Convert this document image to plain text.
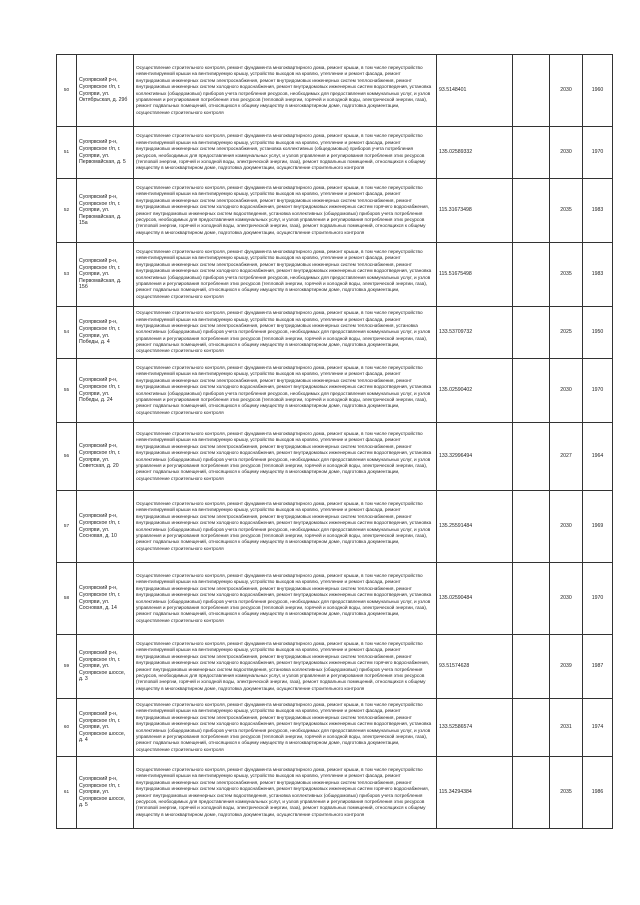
50	Суоярвский р-н, Суоярвское г/п, г. Суоярви, ул. Октябрьская, д. 29б	Осуществление строительного контроля, ремонт фундамента многоквартирного дома, ремонт крыши, в том числе переустройство невентилируемой крыши на вентилируемую крышу, устройство выходов на кровлю, утепление и ремонт фасада, ремонт внутридомовых инженерных систем электроснабжения, ремонт внутридомовых инженерных систем теплоснабжения, ремонт внутридомовых инженерных систем холодного водоснабжения, ремонт внутридомовых инженерных систем водоотведения, установка коллективных (общедомовых) приборов учета потребления ресурсов, необходимых для предоставления коммунальных услуг, и узлов управления и регулирования потребления этих ресурсов (тепловой энергии, горячей и холодной воды, электрической энергии, газа), ремонт подвальных помещений, относящихся к общему имуществу в многоквартирном доме, подготовка документации, осуществление строительного контроля	93.5148401		2030	1960
51	Суоярвский р-н, Суоярвское г/п, г. Суоярви, ул. Первомайская, д. 5	Осуществление строительного контроля, ремонт фундамента многоквартирного дома, ремонт крыши, в том числе переустройство невентилируемой крыши на вентилируемую крышу, устройство выходов на кровлю, утепление и ремонт фасада, ремонт внутридомовых инженерных систем электроснабжения, установка коллективных (общедомовых) приборов учета потребления ресурсов, необходимых для предоставления коммунальных услуг, и узлов управления и регулирования потребления этих ресурсов (тепловой энергии, горячей и холодной воды, электрической энергии, газа), ремонт подвальных помещений, относящихся к общему имуществу в многоквартирном доме, подготовка документации, осуществление строительного контроля	135.02589332		2030	1970
52	Суоярвский р-н, Суоярвское г/п, г. Суоярви, ул. Первомайская, д. 15а	Осуществление строительного контроля, ремонт фундамента многоквартирного дома, ремонт крыши, в том числе переустройство невентилируемой крыши на вентилируемую крышу, устройство выходов на кровлю, утепление и ремонт фасада, ремонт внутридомовых инженерных систем электроснабжения, ремонт внутридомовых инженерных систем теплоснабжения, ремонт внутридомовых инженерных систем холодного водоснабжения, ремонт внутридомовых инженерных систем горячего водоснабжения, ремонт внутридомовых инженерных систем водоотведения, установка коллективных (общедомовых) приборов учета потребления ресурсов, необходимых для предоставления коммунальных услуг, и узлов управления и регулирования потребления этих ресурсов (тепловой энергии, горячей и холодной воды, электрической энергии, газа), ремонт подвальных помещений, относящихся к общему имуществу в многоквартирном доме, подготовка документации, осуществление строительного контроля	115.31673498		2035	1983
53	Суоярвский р-н, Суоярвское г/п, г. Суоярви, ул. Первомайская, д. 15б	Осуществление строительного контроля, ремонт фундамента многоквартирного дома, ремонт крыши, в том числе переустройство невентилируемой крыши на вентилируемую крышу, устройство выходов на кровлю, утепление и ремонт фасада, ремонт внутридомовых инженерных систем электроснабжения, ремонт внутридомовых инженерных систем теплоснабжения, ремонт внутридомовых инженерных систем холодного водоснабжения, ремонт внутридомовых инженерных систем водоотведения, установка коллективных (общедомовых) приборов учета потребления ресурсов, необходимых для предоставления коммунальных услуг, и узлов управления и регулирования потребления этих ресурсов (тепловой энергии, горячей и холодной воды, электрической энергии, газа), ремонт подвальных помещений, относящихся к общему имуществу в многоквартирном доме, подготовка документации, осуществление строительного контроля	115.51675498		2035	1983
54	Суоярвский р-н, Суоярвское г/п, г. Суоярви, ул. Победы, д. 4	Осуществление строительного контроля, ремонт фундамента многоквартирного дома, ремонт крыши, в том числе переустройство невентилируемой крыши на вентилируемую крышу, устройство выходов на кровлю, утепление и ремонт фасада, ремонт внутридомовых инженерных систем электроснабжения, ремонт внутридомовых инженерных систем теплоснабжения, установка коллективных (общедомовых) приборов учета потребления ресурсов, необходимых для предоставления коммунальных услуг, и узлов управления и регулирования потребления этих ресурсов (тепловой энергии, горячей и холодной воды, электрической энергии, газа), ремонт подвальных помещений, относящихся к общему имуществу в многоквартирном доме, подготовка документации, осуществление строительного контроля	133.53709732		2025	1950
55	Суоярвский р-н, Суоярвское г/п, г. Суоярви, ул. Победы, д. 24	Осуществление строительного контроля, ремонт фундамента многоквартирного дома, ремонт крыши, в том числе переустройство невентилируемой крыши на вентилируемую крышу, устройство выходов на кровлю, утепление и ремонт фасада, ремонт внутридомовых инженерных систем электроснабжения, ремонт внутридомовых инженерных систем теплоснабжения, ремонт внутридомовых инженерных систем холодного водоснабжения, ремонт внутридомовых инженерных систем водоотведения, установка коллективных (общедомовых) приборов учета потребления ресурсов, необходимых для предоставления коммунальных услуг, и узлов управления и регулирования потребления этих ресурсов (тепловой энергии, горячей и холодной воды, электрической энергии, газа), ремонт подвальных помещений, относящихся к общему имуществу в многоквартирном доме, подготовка документации, осуществление строительного контроля	135.02590402		2030	1970
56	Суоярвский р-н, Суоярвское г/п, г. Суоярви, ул. Советская, д. 20	Осуществление строительного контроля, ремонт фундамента многоквартирного дома, ремонт крыши, в том числе переустройство невентилируемой крыши на вентилируемую крышу, устройство выходов на кровлю, утепление и ремонт фасада, ремонт внутридомовых инженерных систем электроснабжения, ремонт внутридомовых инженерных систем теплоснабжения, ремонт внутридомовых инженерных систем холодного водоснабжения, ремонт внутридомовых инженерных систем водоотведения, установка коллективных (общедомовых) приборов учета потребления ресурсов, необходимых для предоставления коммунальных услуг, и узлов управления и регулирования потребления этих ресурсов (тепловой энергии, горячей и холодной воды, электрической энергии, газа), ремонт подвальных помещений, относящихся к общему имуществу в многоквартирном доме, подготовка документации, осуществление строительного контроля	133.32996494		2027	1964
57	Суоярвский р-н, Суоярвское г/п, г. Суоярви, ул. Сосновая, д. 10	Осуществление строительного контроля, ремонт фундамента многоквартирного дома, ремонт крыши, в том числе переустройство невентилируемой крыши на вентилируемую крышу, устройство выходов на кровлю, утепление и ремонт фасада, ремонт внутридомовых инженерных систем электроснабжения, ремонт внутридомовых инженерных систем теплоснабжения, ремонт внутридомовых инженерных систем холодного водоснабжения, ремонт внутридомовых инженерных систем водоотведения, установка коллективных (общедомовых) приборов учета потребления ресурсов, необходимых для предоставления коммунальных услуг, и узлов управления и регулирования потребления этих ресурсов (тепловой энергии, горячей и холодной воды, электрической энергии, газа), ремонт подвальных помещений, относящихся к общему имуществу в многоквартирном доме, подготовка документации, осуществление строительного контроля	135.25591484		2030	1969
58	Суоярвский р-н, Суоярвское г/п, г. Суоярви, ул. Сосновая, д. 14	Осуществление строительного контроля, ремонт фундамента многоквартирного дома, ремонт крыши, в том числе переустройство невентилируемой крыши на вентилируемую крышу, устройство выходов на кровлю, утепление и ремонт фасада, ремонт внутридомовых инженерных систем электроснабжения, ремонт внутридомовых инженерных систем теплоснабжения, ремонт внутридомовых инженерных систем холодного водоснабжения, ремонт внутридомовых инженерных систем водоотведения, установка коллективных (общедомовых) приборов учета потребления ресурсов, необходимых для предоставления коммунальных услуг, и узлов управления и регулирования потребления этих ресурсов (тепловой энергии, горячей и холодной воды, электрической энергии, газа), ремонт подвальных помещений, относящихся к общему имуществу в многоквартирном доме, подготовка документации, осуществление строительного контроля	135.02590484		2030	1970
59	Суоярвский р-н, Суоярвское г/п, г. Суоярви, ул. Суоярвское шоссе, д. 3	Осуществление строительного контроля, ремонт фундамента многоквартирного дома, ремонт крыши, в том числе переустройство невентилируемой крыши на вентилируемую крышу, устройство выходов на кровлю, утепление и ремонт фасада, ремонт внутридомовых инженерных систем электроснабжения, ремонт внутридомовых инженерных систем теплоснабжения, ремонт внутридомовых инженерных систем холодного водоснабжения, ремонт внутридомовых инженерных систем горячего водоснабжения, ремонт внутридомовых инженерных систем водоотведения, установка коллективных (общедомовых) приборов учета потребления ресурсов, необходимых для предоставления коммунальных услуг, и узлов управления и регулирования потребления этих ресурсов (тепловой энергии, горячей и холодной воды, электрической энергии, газа), ремонт подвальных помещений, относящихся к общему имуществу в многоквартирном доме, подготовка документации, осуществление строительного контроля	93.51574628		2039	1987
60	Суоярвский р-н, Суоярвское г/п, г. Суоярви, ул. Суоярвское шоссе, д. 4	Осуществление строительного контроля, ремонт фундамента многоквартирного дома, ремонт крыши, в том числе переустройство невентилируемой крыши на вентилируемую крышу, устройство выходов на кровлю, утепление и ремонт фасада, ремонт внутридомовых инженерных систем электроснабжения, ремонт внутридомовых инженерных систем теплоснабжения, ремонт внутридомовых инженерных систем холодного водоснабжения, ремонт внутридомовых инженерных систем водоотведения, установка коллективных (общедомовых) приборов учета потребления ресурсов, необходимых для предоставления коммунальных услуг, и узлов управления и регулирования потребления этих ресурсов (тепловой энергии, горячей и холодной воды, электрической энергии, газа), ремонт подвальных помещений, относящихся к общему имуществу в многоквартирном доме, подготовка документации, осуществление строительного контроля	133.52586574		2031	1974
61	Суоярвский р-н, Суоярвское г/п, г. Суоярви, ул. Суоярвское шоссе, д. 5	Осуществление строительного контроля, ремонт фундамента многоквартирного дома, ремонт крыши, в том числе переустройство невентилируемой крыши на вентилируемую крышу, устройство выходов на кровлю, утепление и ремонт фасада, ремонт внутридомовых инженерных систем электроснабжения, ремонт внутридомовых инженерных систем теплоснабжения, ремонт внутридомовых инженерных систем холодного водоснабжения, ремонт внутридомовых инженерных систем горячего водоснабжения, ремонт внутридомовых инженерных систем водоотведения, установка коллективных (общедомовых) приборов учета потребления ресурсов, необходимых для предоставления коммунальных услуг, и узлов управления и регулирования потребления этих ресурсов (тепловой энергии, горячей и холодной воды, электрической энергии, газа), ремонт подвальных помещений, относящихся к общему имуществу в многоквартирном доме, подготовка документации, осуществление строительного контроля	115.34294384		2035	1986
